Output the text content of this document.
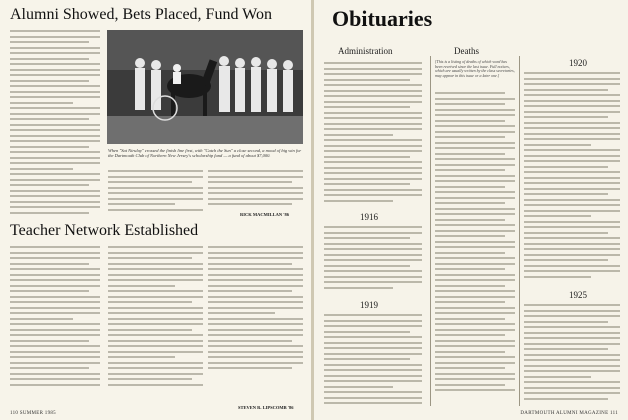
Alumni Showed, Bets Placed, Fund Won
When "Sat Nirulay" crossed the finish line first, with "Catch the Sun" a close second, a mood of big win for the Dartmouth Club of Northern New Jersey's scholarship fund — a fund of about $7,000.
RICK MACMILLAN '86
Teacher Network Established
STEVEN R. LIPSCOMB '86
110 SUMMER 1985
Obituaries
Administration
1916
1919
Deaths
[This is a listing of deaths of which word has been received since the last issue. Full notices, which are usually written by the class secretaries, may appear in this issue or a later one.]
1920
1925
DARTMOUTH ALUMNI MAGAZINE 111
